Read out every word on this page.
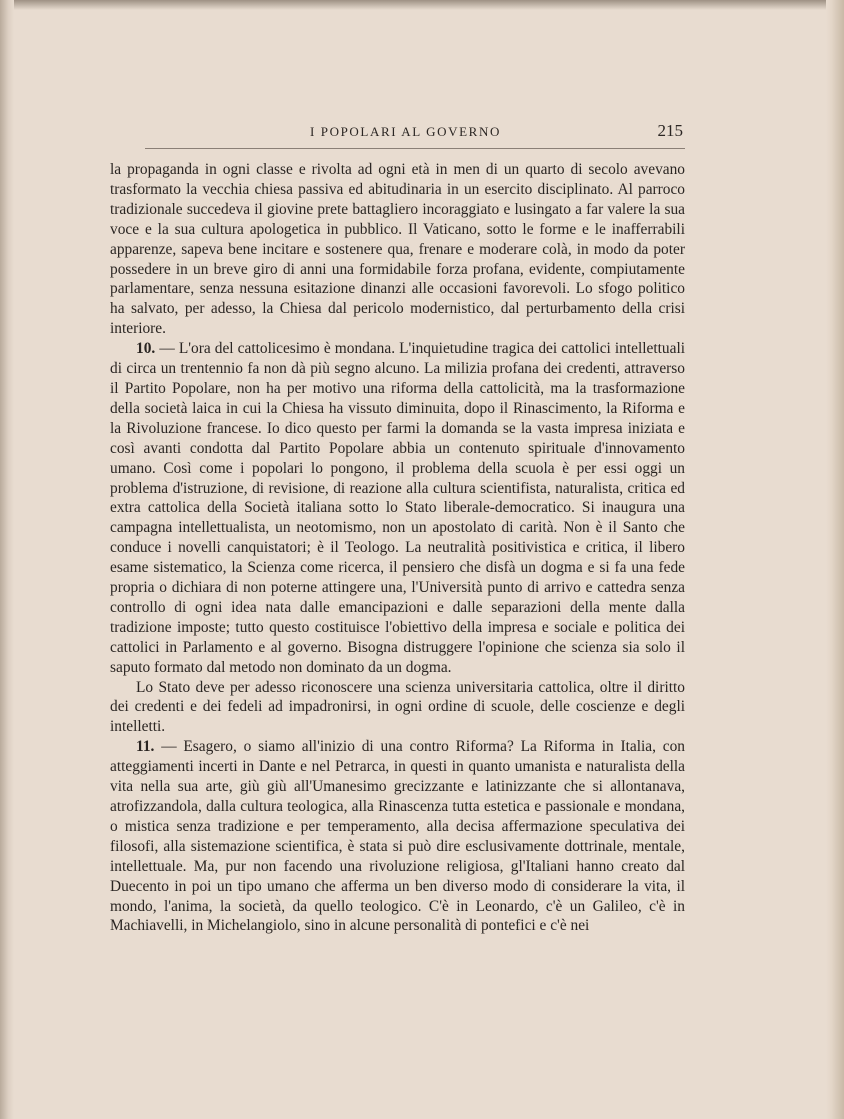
I POPOLARI AL GOVERNO	215

la propaganda in ogni classe e rivolta ad ogni età in men di un quarto di secolo avevano trasformato la vecchia chiesa passiva ed abitudinaria in un esercito disciplinato. Al parroco tradizionale succedeva il giovine prete battagliero incoraggiato e lusingato a far valere la sua voce e la sua cultura apologetica in pubblico. Il Vaticano, sotto le forme e le inafferrabili apparenze, sapeva bene incitare e sostenere qua, frenare e moderare colà, in modo da poter possedere in un breve giro di anni una formidabile forza profana, evidente, compiutamente parlamentare, senza nessuna esitazione dinanzi alle occasioni favorevoli. Lo sfogo politico ha salvato, per adesso, la Chiesa dal pericolo modernistico, dal perturbamento della crisi interiore.

10. — L'ora del cattolicesimo è mondana. L'inquietudine tragica dei cattolici intellettuali di circa un trentennio fa non dà più segno alcuno. La milizia profana dei credenti, attraverso il Partito Popolare, non ha per motivo una riforma della cattolicità, ma la trasformazione della società laica in cui la Chiesa ha vissuto diminuita, dopo il Rinascimento, la Riforma e la Rivoluzione francese. Io dico questo per farmi la domanda se la vasta impresa iniziata e così avanti condotta dal Partito Popolare abbia un contenuto spirituale d'innovamento umano. Così come i popolari lo pongono, il problema della scuola è per essi oggi un problema d'istruzione, di revisione, di reazione alla cultura scientifista, naturalista, critica ed extra cattolica della Società italiana sotto lo Stato liberale-democratico. Si inaugura una campagna intellettualista, un neotomismo, non un apostolato di carità. Non è il Santo che conduce i novelli canquistatori; è il Teologo. La neutralità positivistica e critica, il libero esame sistematico, la Scienza come ricerca, il pensiero che disfà un dogma e si fa una fede propria o dichiara di non poterne attingere una, l'Università punto di arrivo e cattedra senza controllo di ogni idea nata dalle emancipazioni e dalle separazioni della mente dalla tradizione imposte; tutto questo costituisce l'obiettivo della impresa e sociale e politica dei cattolici in Parlamento e al governo. Bisogna distruggere l'opinione che scienza sia solo il saputo formato dal metodo non dominato da un dogma.

Lo Stato deve per adesso riconoscere una scienza universitaria cattolica, oltre il diritto dei credenti e dei fedeli ad impadronirsi, in ogni ordine di scuole, delle coscienze e degli intelletti.

11. — Esagero, o siamo all'inizio di una contro Riforma? La Riforma in Italia, con atteggiamenti incerti in Dante e nel Petrarca, in questi in quanto umanista e naturalista della vita nella sua arte, giù giù all'Umanesimo grecizzante e latinizzante che si allontanava, atrofizzandola, dalla cultura teologica, alla Rinascenza tutta estetica e passionale e mondana, o mistica senza tradizione e per temperamento, alla decisa affermazione speculativa dei filosofi, alla sistemazione scientifica, è stata si può dire esclusivamente dottrinale, mentale, intellettuale. Ma, pur non facendo una rivoluzione religiosa, gl'Italiani hanno creato dal Duecento in poi un tipo umano che afferma un ben diverso modo di considerare la vita, il mondo, l'anima, la società, da quello teologico. C'è in Leonardo, c'è un Galileo, c'è in Machiavelli, in Michelangiolo, sino in alcune personalità di pontefici e c'è nei
